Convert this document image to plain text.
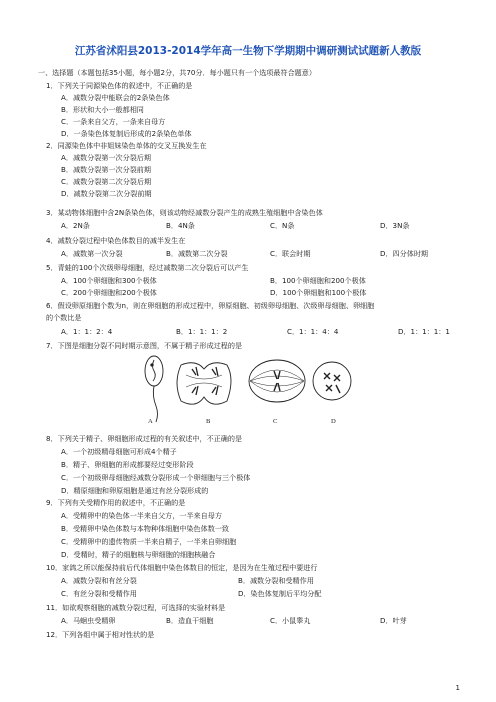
江苏省沭阳县2013-2014学年高一生物下学期期中调研测试试题新人教版
一、选择题（本题包括35小题，每小题2分，共70分．每小题只有一个选项最符合题意）
1．下列关于同源染色体的叙述中，不正确的是
A．减数分裂中能联会的2条染色体
B．形状和大小一般都相同
C．一条来自父方，一条来自母方
D．一条染色体复制后形成的2条染色单体
2．同源染色体中非姐妹染色单体的交叉互换发生在
A．减数分裂第一次分裂后期
B．减数分裂第一次分裂前期
C．减数分裂第二次分裂后期
D．减数分裂第二次分裂前期
3．某动物体细胞中含2N条染色体，则该动物经减数分裂产生的成熟生殖细胞中含染色体
A．2N条	B．4N条	C．N条	D．3N条
4．减数分裂过程中染色体数目的减半发生在
A．减数第一次分裂	B．减数第二次分裂	C．联会时期	D．四分体时期
5．青蛙的100个次级卵母细胞，经过减数第二次分裂后可以产生
A．100个卵细胞和300个极体	B．100个卵细胞和200个极体
C．200个卵细胞和200个极体	D．100个卵细胞和100个极体
6．假设卵原细胞个数为n，则在卵细胞的形成过程中，卵原细胞、初级卵母细胞、次级卵母细胞、卵细胞
的个数比是
A．1：1：2：4	B．1：1：1：2	C．1：1：4：4	D．1：1：1：1
7．下图是细胞分裂不同时期示意图，不属于精子形成过程的是
A	B	C	D
8．下列关于精子、卵细胞形成过程的有关叙述中，不正确的是
A．一个初级精母细胞可形成4个精子
B．精子、卵细胞的形成都要经过变形阶段
C．一个初级卵母细胞经减数分裂形成一个卵细胞与三个极体
D．精原细胞和卵原细胞是通过有丝分裂形成的
9．下列有关受精作用的叙述中，不正确的是
A．受精卵中的染色体一半来自父方，一半来自母方
B．受精卵中染色体数与本物种体细胞中染色体数一致
C．受精卵中的遗传物质一半来自精子，一半来自卵细胞
D．受精时，精子的细胞核与卵细胞的细胞核融合
10．家鸽之所以能保持前后代体细胞中染色体数目的恒定，是因为在生殖过程中要进行
A．减数分裂和有丝分裂	B．减数分裂和受精作用
C．有丝分裂和受精作用	D．染色体复制后平均分配
11．如欲观察细胞的减数分裂过程，可选择的实验材料是
A．马蛔虫受精卵	B．造血干细胞	C．小鼠睾丸	D．叶芽
12．下列各组中属于相对性状的是
1
